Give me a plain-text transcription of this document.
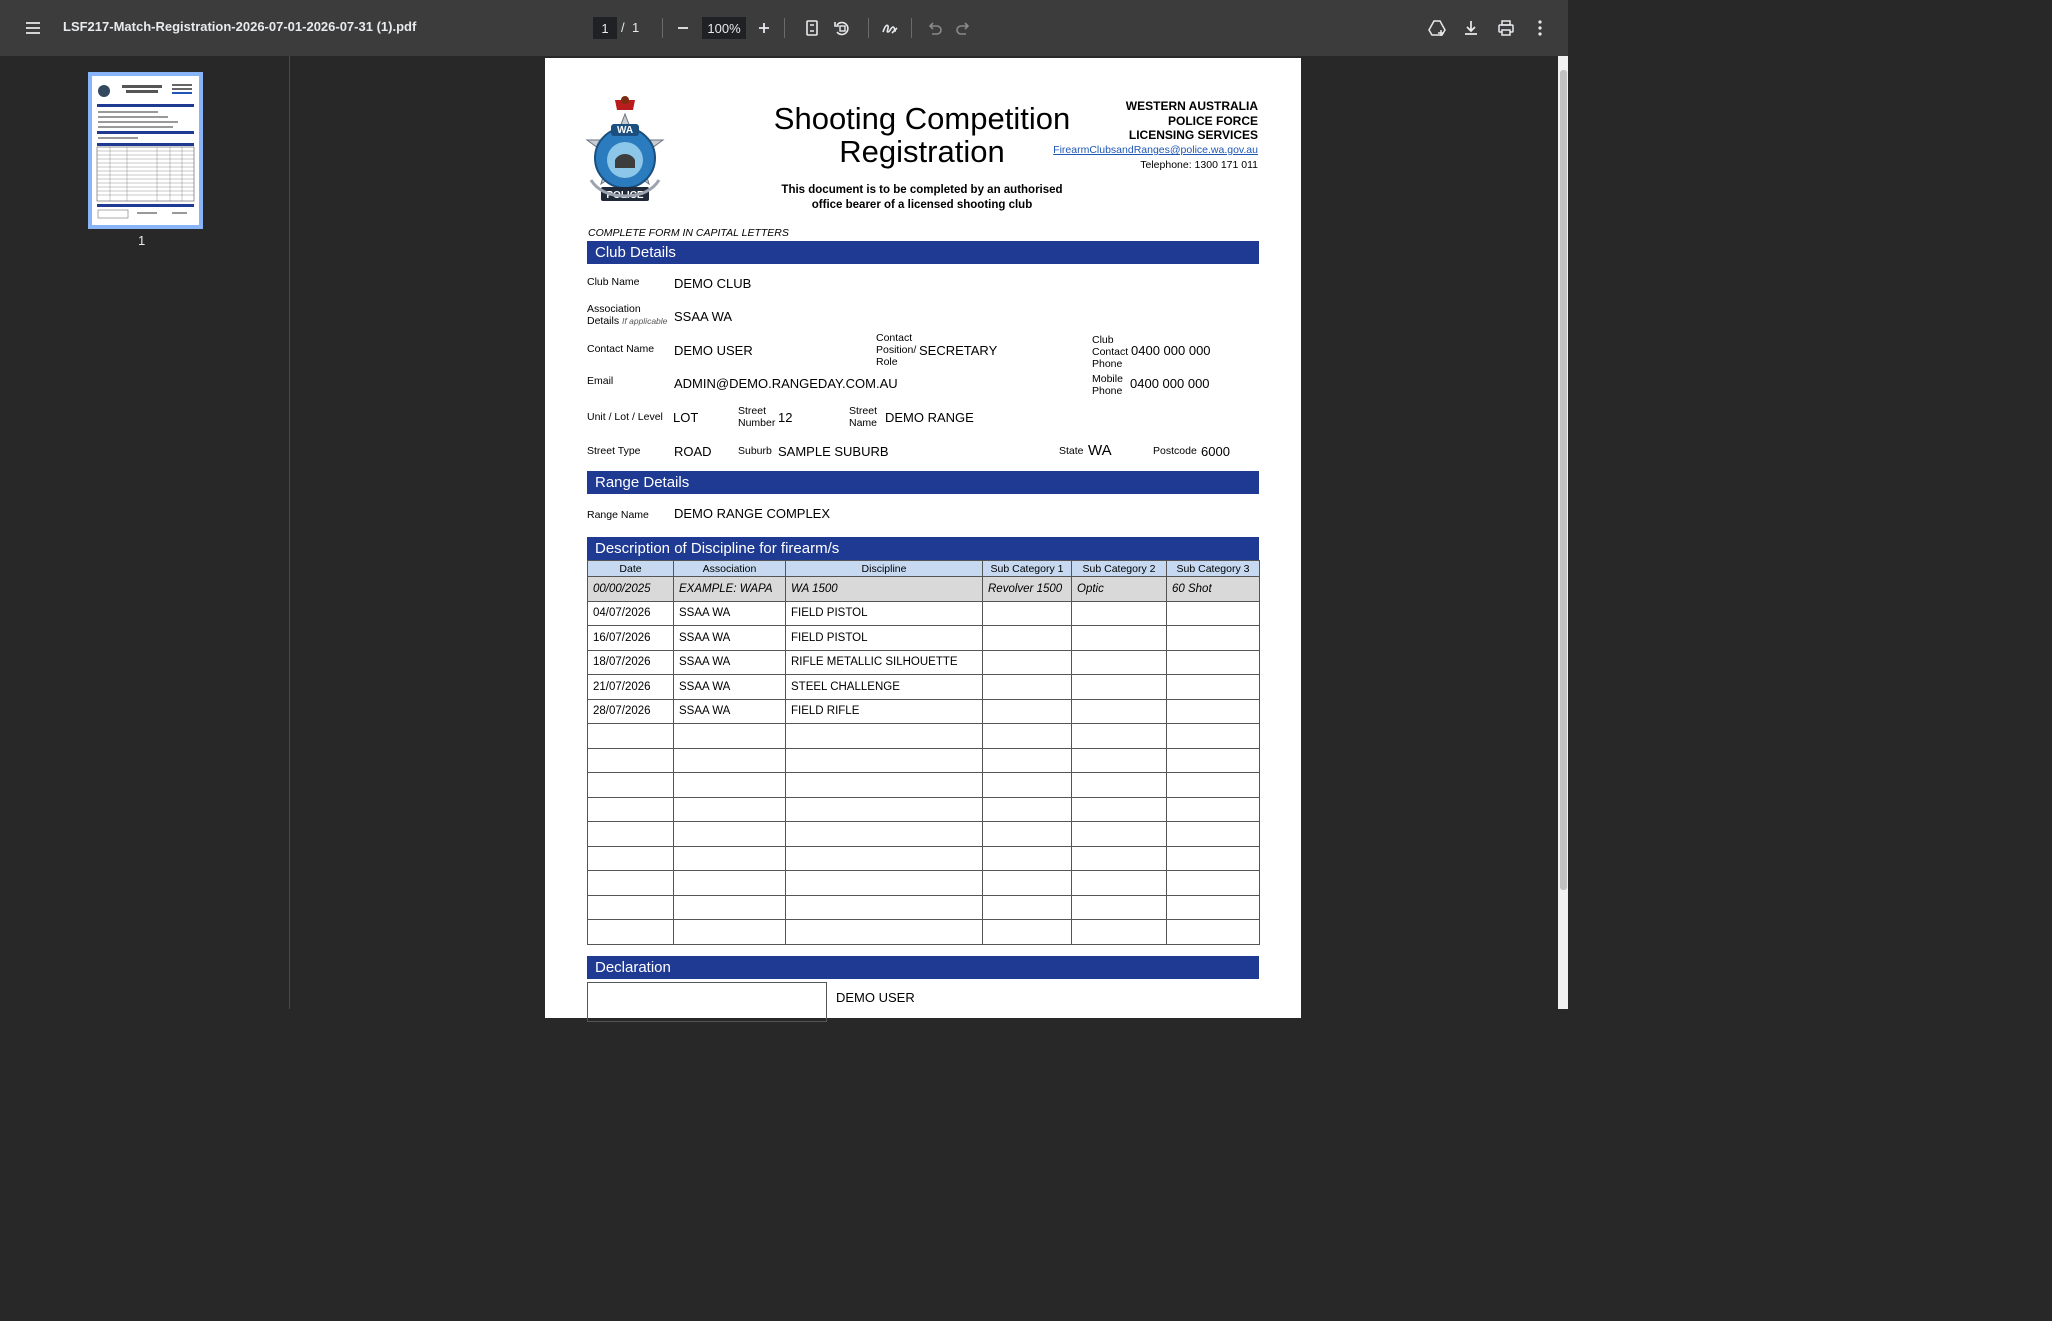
LSF217-Match-Registration-2026-07-01-2026-07-31 (1).pdf	1 / 1	100%
1
WA
POLICE
Shooting Competition
Registration
This document is to be completed by an authorised
office bearer of a licensed shooting club
WESTERN AUSTRALIA
POLICE FORCE
LICENSING SERVICES
FirearmClubsandRanges@police.wa.gov.au
Telephone: 1300 171 011
COMPLETE FORM IN CAPITAL LETTERS
Club Details
Club Name	DEMO CLUB
Association
Details If applicable SSAA WA
Contact Name DEMO USER
Contact
Position/
Role
SECRETARY
Club
Contact
Phone
0400 000 000
Email	ADMIN@DEMO.RANGEDAY.COM.AU	Mobile
Phone 0400 000 000
Unit / Lot / Level LOT	Street
Number 12	Street
Name DEMO RANGE
Street Type	ROAD	Suburb SAMPLE SUBURB	State WA	Postcode 6000
Range Details
Range Name DEMO RANGE COMPLEX
Description of Discipline for firearm/s
Date	Association	Discipline	Sub Category 1	Sub Category 2	Sub Category 3
00/00/2025	EXAMPLE: WAPA	WA 1500	Revolver 1500	Optic	60 Shot
04/07/2026	SSAA WA	FIELD PISTOL			
16/07/2026	SSAA WA	FIELD PISTOL			
18/07/2026	SSAA WA	RIFLE METALLIC SILHOUETTE			
21/07/2026	SSAA WA	STEEL CHALLENGE			
28/07/2026	SSAA WA	FIELD RIFLE			

Declaration
DEMO USER
